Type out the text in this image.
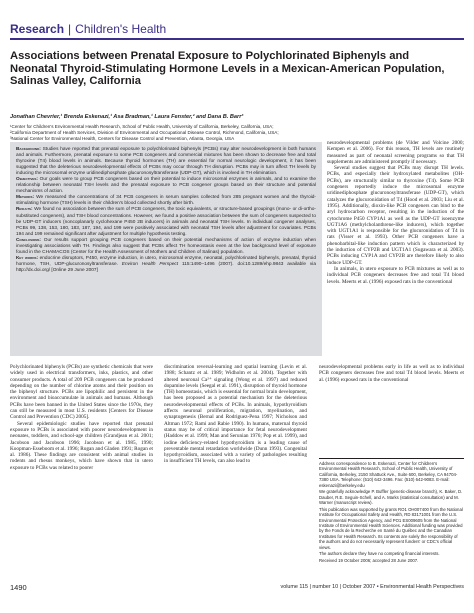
Research | Children's Health
Associations between Prenatal Exposure to Polychlorinated Biphenyls and Neonatal Thyroid-Stimulating Hormone Levels in a Mexican-American Population, Salinas Valley, California
Jonathan Chevrier,¹ Brenda Eskenazi,¹ Asa Bradman,¹ Laura Fenster,² and Dana B. Barr³
¹Center for Children's Environmental Health Research, School of Public Health, University of California, Berkeley, California, USA;
²California Department of Health Services, Division of Environmental and Occupational Disease Control, Richmond, California, USA;
³National Center for Environmental Health, Centers for Disease Control and Prevention, Atlanta, Georgia, USA

Background: Studies have reported that prenatal exposure to polychlorinated biphenyls (PCBs) may alter neurodevelopment in both humans and animals. Furthermore, prenatal exposure to some PCB congeners and commercial mixtures has been shown to decrease free and total thyroxine (T4) blood levels in animals. Because thyroid hormones (TH) are essential for normal neurologic development, it has been suggested that the deleterious neurodevelopmental effects of PCBs may occur through TH disruption. PCBs may in turn affect TH levels by inducing the microsomal enzyme uridinediphosphate glucuronosyltransferase (UDP-GT), which is involved in TH elimination.

Objectives: Our goals were to group PCB congeners based on their potential to induce microsomal enzymes in animals, and to examine the relationship between neonatal TSH levels and the prenatal exposure to PCB congener groups based on their structure and potential mechanisms of action.

Methods: We measured the concentrations of 34 PCB congeners in serum samples collected from 285 pregnant women and the thyroid-stimulating hormone (TSH) levels in their children's blood collected shortly after birth.

Results: We found no association between the sum of PCB congeners, the toxic equivalents, or structure-based groupings (mono- or di-ortho-substituted congeners), and TSH blood concentrations. However, we found a positive association between the sum of congeners suspected to be UDP-GT inducers (noncoplanarly cyclohexane P450 2B inducers) in animals and neonatal TSH levels. In individual congener analyses, PCBs 99, 138, 153, 180, 183, 187, 194, and 199 were positively associated with neonatal TSH levels after adjustment for covariates. PCBs 194 and 199 remained significant after adjustment for multiple hypothesis testing.

Conclusions: Our results support grouping PCB congeners based on their potential mechanisms of action of enzyme induction when investigating associations with TH. Findings also suggest that PCBs affect TH homeostasis even at the low background level of exposure found in the CHAMACOS (Center for the Health Assessment of Mothers and Children of Salinas) population.

Key words: endocrine disruptors, P450, enzyme induction, in utero, microsomal enzyme, neonatal, polychlorinated biphenyls, prenatal, thyroid hormone, TSH, UDP-glucuronosyltransferase. Environ Health Perspect 115:1490–1496 (2007). doi:10.1289/ehp.9843 available via http://dx.doi.org/ [Online 29 June 2007]

neurodevelopmental problems (de Vilder and Volcine 2000; Kempen et al. 2006). For this reason, TH levels are routinely measured as part of neonatal screening programs so that TH supplements are administered promptly if necessary.

Several studies suggest that PCBs may disrupt TH levels. PCBs, and especially their hydroxylated metabolites (OH-PCBs), are structurally similar to thyroxine (T4). Some PCB congeners reportedly induce the microsomal enzyme uridinediphosphate glucuronosyltransferase (UDP-GT), which catalyzes the glucuronidation of T4 (Hood et al. 2003; Liu et al. 1995). Additionally, dioxin-like PCB congeners can bind to the aryl hydrocarbon receptor, resulting in the induction of the cytochrome P450 CYP1A1 as well as the UDP-GT isoenzyme UGT1A6 (methylcholanthrene-like inducers), which together with UGT1A1 is responsible for the glucuronidation of T4 in rats (Visser et al. 1993). Other PCB congeners have a phenobarbital-like induction pattern which is characterized by the induction of CYP2B and UGT1A1 (Sugawara et al. 2003). PCBs inducing CYP1A and CYP2B are therefore likely to also induce UDP-GT.

In animals, in utero exposure to PCB mixtures as well as to individual PCB congeners decreases free and total T4 blood levels. Meerts et al. (1996) exposed rats in the conventional

Polychlorinated biphenyls (PCBs) are synthetic chemicals that were widely used in electrical transformers, inks, plastics, and other consumer products. A total of 209 PCB congeners can be produced depending on the number of chlorine atoms and their position on the biphenyl structure. PCBs are lipophilic and persistent in the environment and bioaccumulate in animals and humans. Although PCBs have been banned in the United States since the 1970s, they can still be measured in most U.S. residents [Centers for Disease Control and Prevention (CDC) 2005].

Several epidemiologic studies have reported that prenatal exposure to PCBs is associated with poorer neurodevelopment in neonates, toddlers, and school-age children (Grandjean et al. 2001; Jacobson and Jacobson 1996; Jacobson et al. 1985, 1990; Koopman-Esseboom et al. 1996; Rogan and Gladen 1991; Rogan et al. 1986). These findings are consistent with animal studies in rodents and rhesus monkeys, which have shown that in utero exposure to PCBs was related to poorer

discrimination reversal-learning and spatial learning (Levin et al. 1988; Schantz et al. 1989; Widholm et al. 2004). Together with altered neuronal Ca²⁺ signaling (Wong et al. 1997) and reduced dopamine levels (Seegal et al. 1991), disruption of thyroid hormone (TH) homeostasis, which is essential for normal brain development, has been proposed as a potential mechanism for the deleterious neurodevelopmental effects of PCBs. In animals, hypothyroidism affects neuronal proliferation, migration, myelination, and synaptogenesis (Bernal and Rodriguez-Pena 1997; Nicholson and Altman 1972; Rami and Rabie 1990). In humans, maternal thyroid status may be of critical importance for fetal neurodevelopment (Haddow et al. 1999; Man and Serunian 1976; Pop et al. 1999), and iodine deficiency-related hypothyroidism is a leading cause of preventable mental retardation worldwide (Dunn 1993). Congenital hypothyroidism, associated with a variety of pathologies resulting in insufficient TH levels, can also lead to

neurodevelopmental problems early in life as well as to individual PCB congeners decreases free and total T4 blood levels. Meerts et al. (1996) exposed rats in the conventional

Address correspondence to B. Eskenazi, Center for Children's Environmental Health Research, School of Public Health, University of California, Berkeley, 2150 Shattuck Ave., Suite 600, Berkeley, CA 94704-7380 USA. Telephone: (510) 642-3496. Fax: (510) 642-9083. E-mail: eskenazi@berkeley.edu

We gratefully acknowledge P. Buffler (genetic-disease branch), K. Baker, D. Dauber, R.E. Seguin-Schell, and A. Marks (statistical consultation) and M. Warner (manuscript review).

This publication was supported by grants RO1 OH007400 from the National Institute for Occupational Safety and Health, RD 83171001 from the U.S. Environmental Protection Agency, and PO1 ES009605 from the National Institute of Environmental Health Sciences. Additional funding was provided by the Fonds de la Recherche en Santé du Québec and the Canadian Institutes for Health Research. Its contents are solely the responsibility of the authors and do not necessarily represent funders' or CDC's official views.

The authors declare they have no competing financial interests.

Received 19 October 2006; accepted 28 June 2007.

1490	volume 115 | number 10 | October 2007 • Environmental Health Perspectives
